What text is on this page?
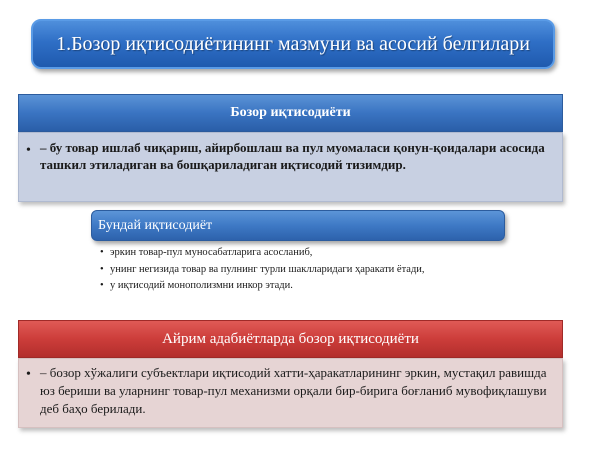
1.Бозор иқтисодиётининг мазмуни ва асосий белгилари
Бозор иқтисодиёти
• – бу товар ишлаб чиқариш, айирбошлаш ва пул муомаласи қонун-қоидалари асосида ташкил этиладиган ва бошқариладиган иқтисодий тизимдир.
Бундай иқтисодиёт
• эркин товар-пул муносабатларига асосланиб,
• унинг негизида товар ва пулнинг турли шаклларидаги ҳаракати ётади,
• у иқтисодий монополизмни инкор этади.
Айрим адабиётларда бозор иқтисодиёти
• – бозор хўжалиги субъектлари иқтисодий хатти-ҳаракатларининг эркин, мустақил равишда юз бериши ва уларнинг товар-пул механизми орқали бир-бирига боғланиб мувофиқлашуви деб баҳо берилади.
